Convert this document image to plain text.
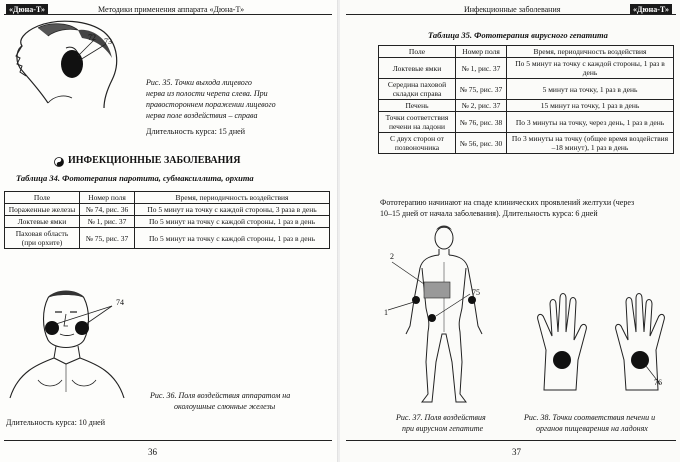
«Дюна-Т»	Методики применения аппарата «Дюна-Т»
72 73
Рис. 35. Точки выхода лицевого
нерва из полости черепа слева. При
правостороннем поражении лицевого
нерва поле воздействия – справа
Длительность курса: 15 дней
ИНФЕКЦИОННЫЕ ЗАБОЛЕВАНИЯ
Таблица 34. Фототерапия паротита, субмаксиллита, орхита
Поле	Номер поля	Время, периодичность воздействия
Пораженные железы	№ 74, рис. 36	По 5 минут на точку с каждой стороны, 3 раза в день
Локтевые ямки	№ 1, рис. 37	По 5 минут на точку с каждой стороны, 1 раз в день
Паховая область (при орхите)	№ 75, рис. 37	По 5 минут на точку с каждой стороны, 1 раз в день
74
Рис. 36. Поля воздействия аппаратом на
околоушные слюнные железы
Длительность курса: 10 дней
36
Инфекционные заболевания	«Дюна-Т»
Таблица 35. Фототерапия вирусного гепатита
Поле	Номер поля	Время, периодичность воздействия
Локтевые ямки	№ 1, рис. 37	По 5 минут на точку с каждой стороны, 1 раз в день
Середина паховой складки справа	№ 75, рис. 37	5 минут на точку, 1 раз в день
Печень	№ 2, рис. 37	15 минут на точку, 1 раз в день
Точки соответствия печени на ладони	№ 76, рис. 38	По 3 минуты на точку, через день, 1 раз в день
С двух сторон от позвоночника	№ 56, рис. 30	По 3 минуты на точку (общее время воздействия –18 минут), 1 раз в день
Фототерапию начинают на спаде клинических проявлений желтухи (через
10–15 дней от начала заболевания). Длительность курса: 6 дней
2
75
1
Рис. 37. Поля воздействия
при вирусном гепатите
76
Рис. 38. Точки соответствия печени и
органов пищеварения на ладонях
37
